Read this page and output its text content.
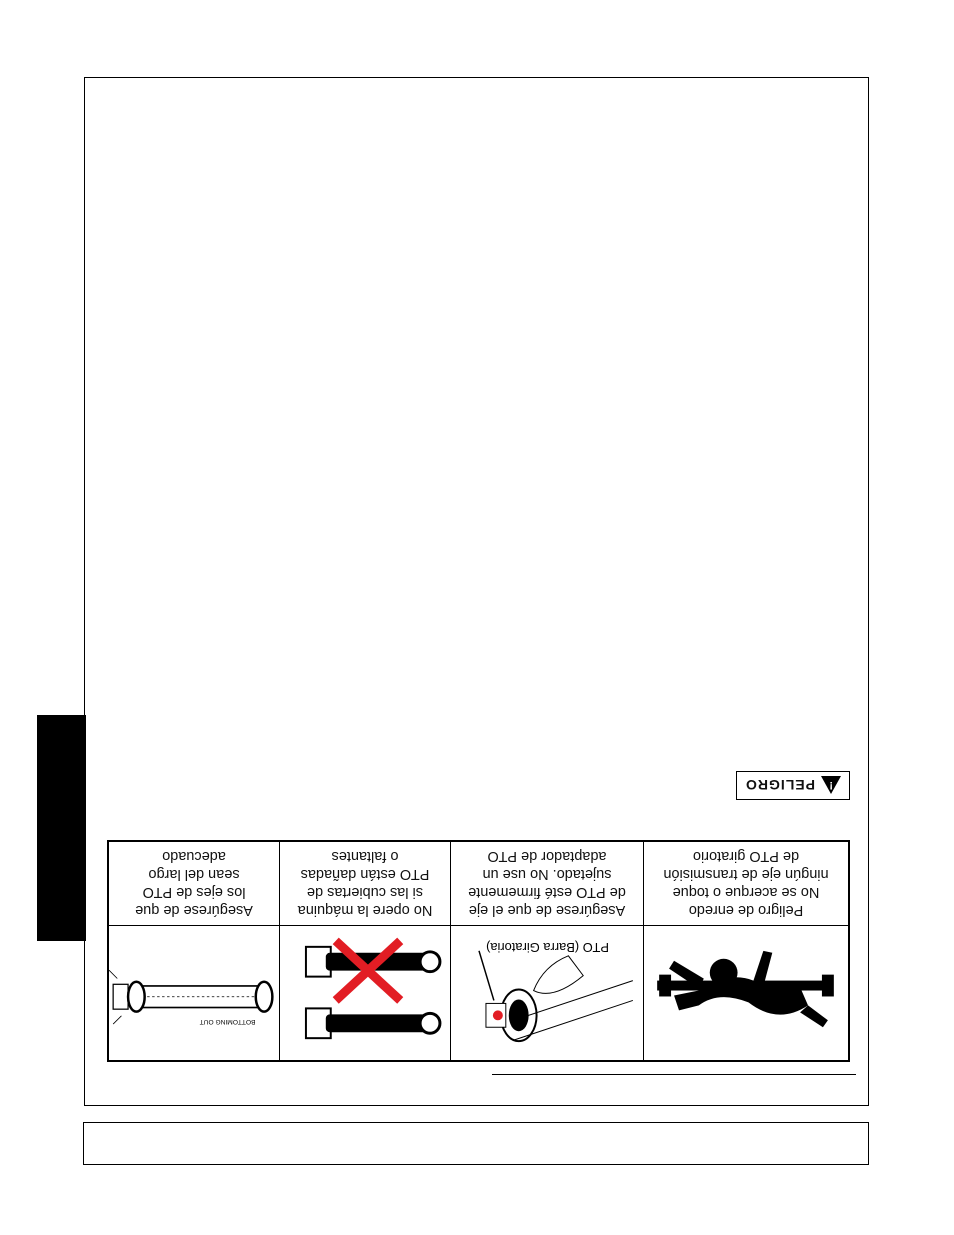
!
PELIGRO
PTO (Barra Giratoria)
BOTTOMING OUT
Peligro de enredo
No se acerque o toque
ningún eje de transmisión
de PTO giratorio
Asegúrese de que el eje
de PTO esté firmemente
sujetado. No use un
adaptador de PTO
No opere la máquina
si las cubiertas de
PTO están dañadas
o faltantes
Asegúrese de que
los ejes de PTO
sean del largo
adecuado
